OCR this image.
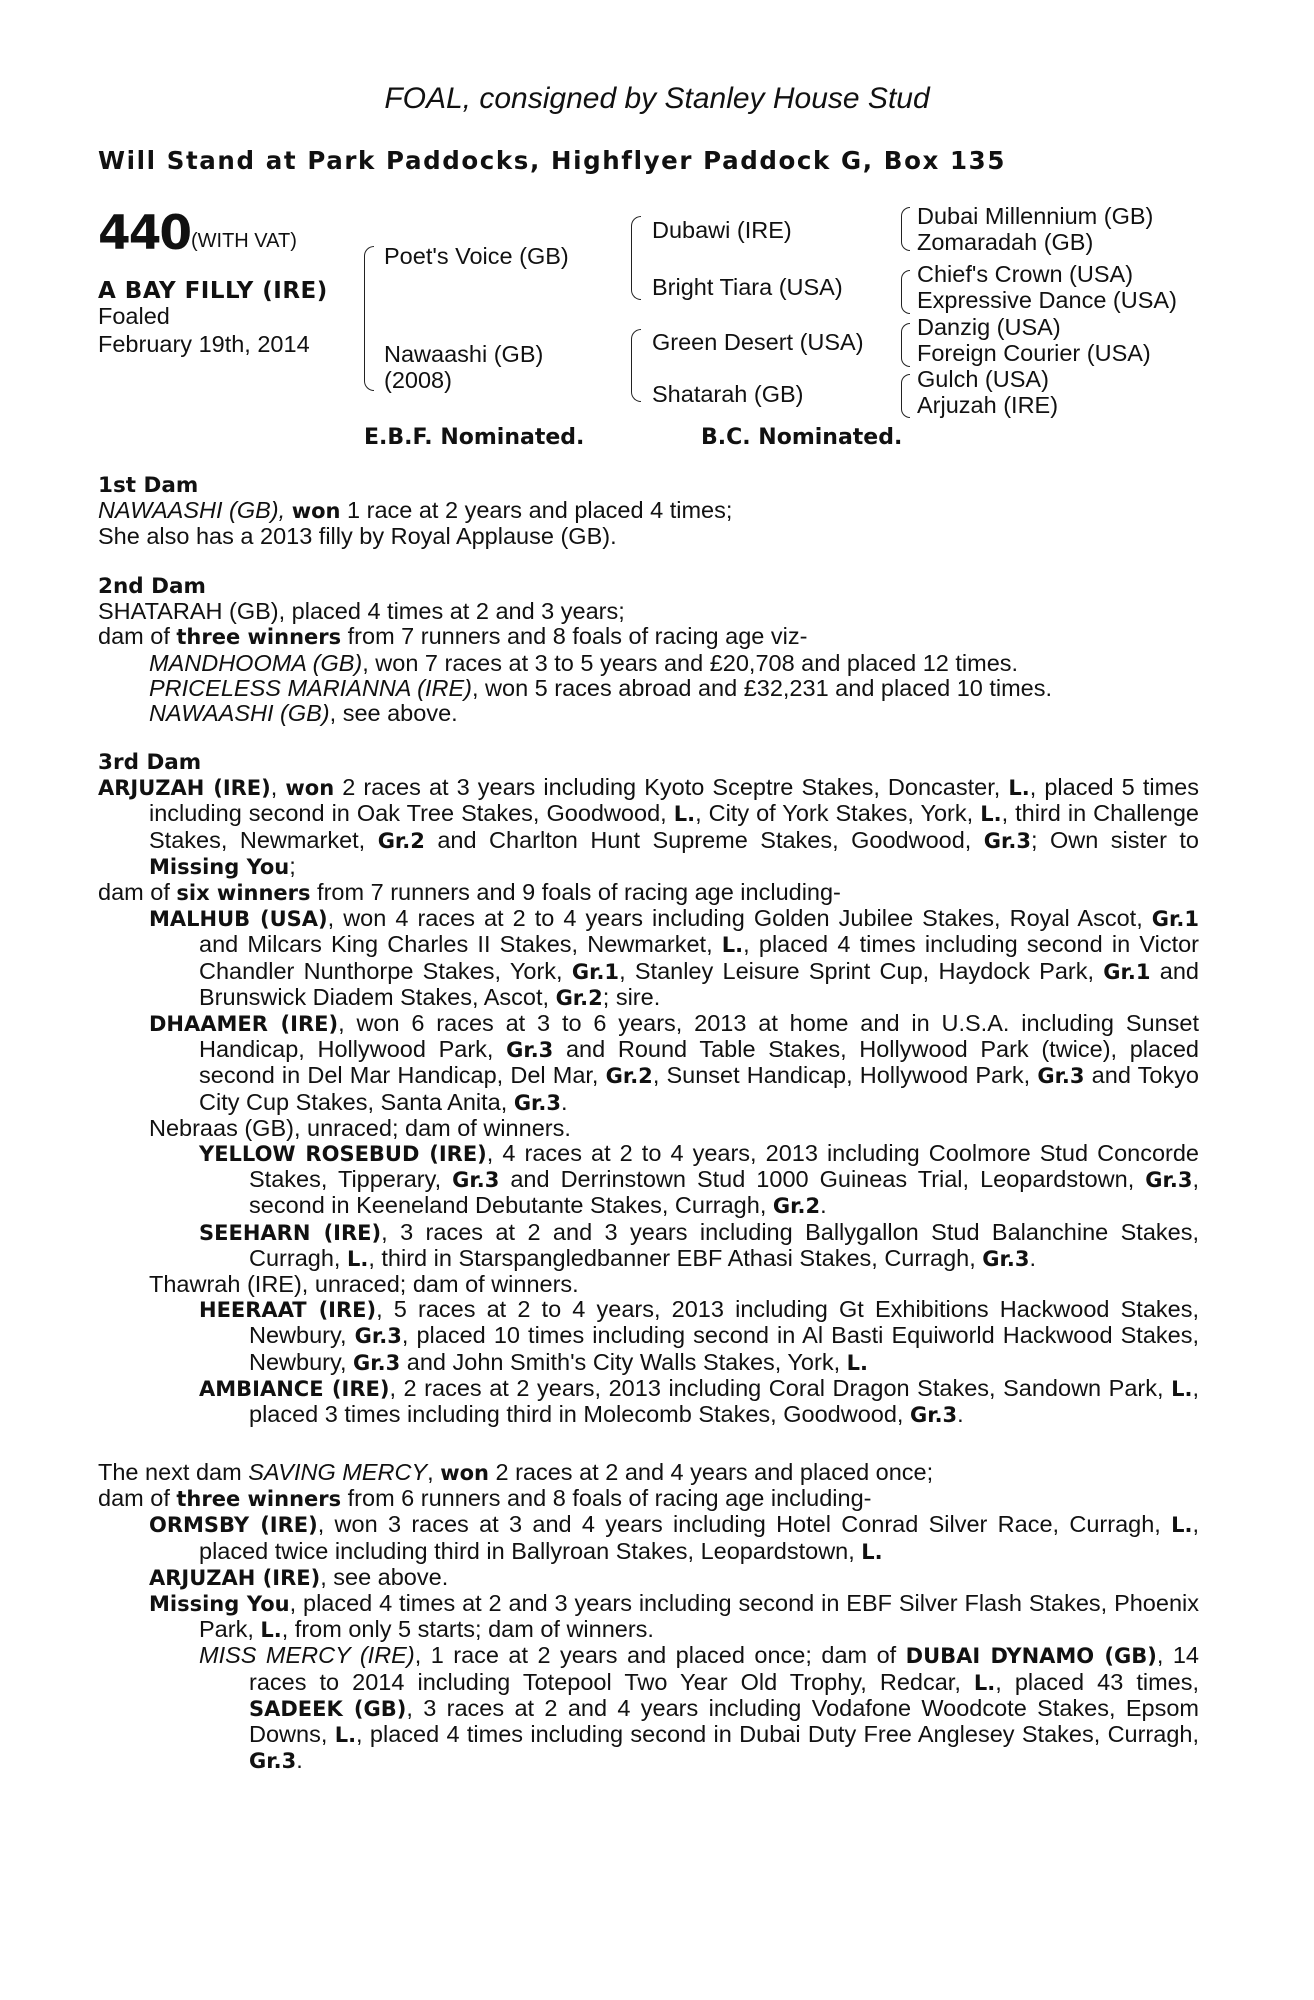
FOAL, consigned by Stanley House Stud
Will Stand at Park Paddocks, Highflyer Paddock G, Box 135
440 (WITH VAT)
A BAY FILLY (IRE)
Foaled
February 19th, 2014
Poet's Voice (GB)
Nawaashi (GB)
(2008)
Dubawi (IRE)
Bright Tiara (USA)
Green Desert (USA)
Shatarah (GB)
Dubai Millennium (GB)
Zomaradah (GB)
Chief's Crown (USA)
Expressive Dance (USA)
Danzig (USA)
Foreign Courier (USA)
Gulch (USA)
Arjuzah (IRE)
E.B.F. Nominated.	B.C. Nominated.

1st Dam

NAWAASHI (GB), won 1 race at 2 years and placed 4 times;

She also has a 2013 filly by Royal Applause (GB).

2nd Dam

SHATARAH (GB), placed 4 times at 2 and 3 years;

dam of three winners from 7 runners and 8 foals of racing age viz-

MANDHOOMA (GB), won 7 races at 3 to 5 years and £20,708 and placed 12 times.

PRICELESS MARIANNA (IRE), won 5 races abroad and £32,231 and placed 10 times.

NAWAASHI (GB), see above.

3rd Dam

ARJUZAH (IRE), won 2 races at 3 years including Kyoto Sceptre Stakes, Doncaster, L., placed 5 times including second in Oak Tree Stakes, Goodwood, L., City of York Stakes, York, L., third in Challenge Stakes, Newmarket, Gr.2 and Charlton Hunt Supreme Stakes, Goodwood, Gr.3; Own sister to Missing You;

dam of six winners from 7 runners and 9 foals of racing age including-

MALHUB (USA), won 4 races at 2 to 4 years including Golden Jubilee Stakes, Royal Ascot, Gr.1 and Milcars King Charles II Stakes, Newmarket, L., placed 4 times including second in Victor Chandler Nunthorpe Stakes, York, Gr.1, Stanley Leisure Sprint Cup, Haydock Park, Gr.1 and Brunswick Diadem Stakes, Ascot, Gr.2; sire.

DHAAMER (IRE), won 6 races at 3 to 6 years, 2013 at home and in U.S.A. including Sunset Handicap, Hollywood Park, Gr.3 and Round Table Stakes, Hollywood Park (twice), placed second in Del Mar Handicap, Del Mar, Gr.2, Sunset Handicap, Hollywood Park, Gr.3 and Tokyo City Cup Stakes, Santa Anita, Gr.3.

Nebraas (GB), unraced; dam of winners.

YELLOW ROSEBUD (IRE), 4 races at 2 to 4 years, 2013 including Coolmore Stud Concorde Stakes, Tipperary, Gr.3 and Derrinstown Stud 1000 Guineas Trial, Leopardstown, Gr.3, second in Keeneland Debutante Stakes, Curragh, Gr.2.

SEEHARN (IRE), 3 races at 2 and 3 years including Ballygallon Stud Balanchine Stakes, Curragh, L., third in Starspangledbanner EBF Athasi Stakes, Curragh, Gr.3.

Thawrah (IRE), unraced; dam of winners.

HEERAAT (IRE), 5 races at 2 to 4 years, 2013 including Gt Exhibitions Hackwood Stakes, Newbury, Gr.3, placed 10 times including second in Al Basti Equiworld Hackwood Stakes, Newbury, Gr.3 and John Smith's City Walls Stakes, York, L.

AMBIANCE (IRE), 2 races at 2 years, 2013 including Coral Dragon Stakes, Sandown Park, L., placed 3 times including third in Molecomb Stakes, Goodwood, Gr.3.

The next dam SAVING MERCY, won 2 races at 2 and 4 years and placed once;

dam of three winners from 6 runners and 8 foals of racing age including-

ORMSBY (IRE), won 3 races at 3 and 4 years including Hotel Conrad Silver Race, Curragh, L., placed twice including third in Ballyroan Stakes, Leopardstown, L.

ARJUZAH (IRE), see above.

Missing You, placed 4 times at 2 and 3 years including second in EBF Silver Flash Stakes, Phoenix Park, L., from only 5 starts; dam of winners.

MISS MERCY (IRE), 1 race at 2 years and placed once; dam of DUBAI DYNAMO (GB), 14 races to 2014 including Totepool Two Year Old Trophy, Redcar, L., placed 43 times, SADEEK (GB), 3 races at 2 and 4 years including Vodafone Woodcote Stakes, Epsom Downs, L., placed 4 times including second in Dubai Duty Free Anglesey Stakes, Curragh, Gr.3.
